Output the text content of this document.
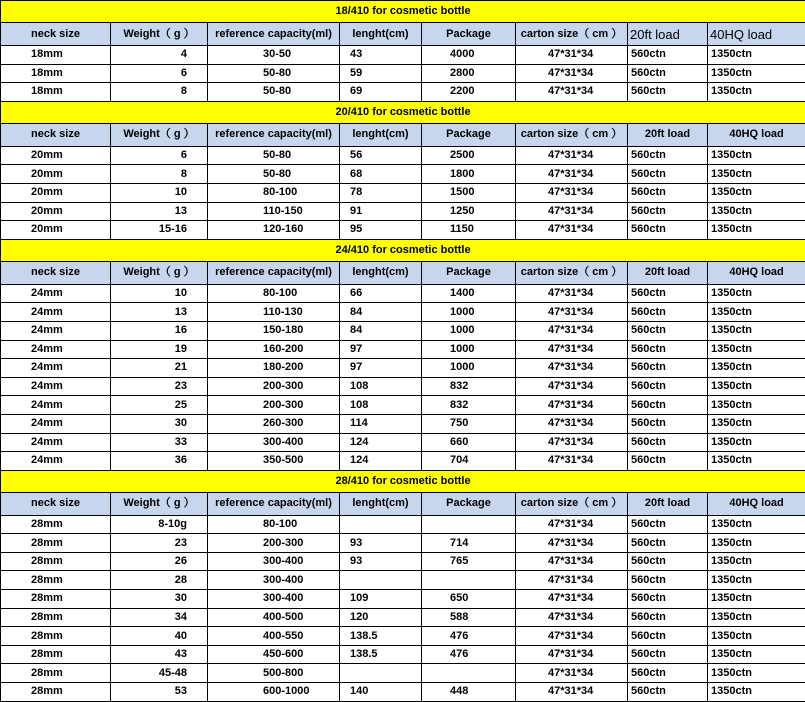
18/410 for cosmetic bottle							
neck size	Weight（ g ）	reference capacity(ml)	lenght(cm)	Package	carton size（ cm ）	20ft load	40HQ load
18mm	4	30-50	43	4000	47*31*34	560ctn	1350ctn
18mm	6	50-80	59	2800	47*31*34	560ctn	1350ctn
18mm	8	50-80	69	2200	47*31*34	560ctn	1350ctn
20/410 for cosmetic bottle							
neck size	Weight（ g ）	reference capacity(ml)	lenght(cm)	Package	carton size（ cm ）	20ft load	40HQ load
20mm	6	50-80	56	2500	47*31*34	560ctn	1350ctn
20mm	8	50-80	68	1800	47*31*34	560ctn	1350ctn
20mm	10	80-100	78	1500	47*31*34	560ctn	1350ctn
20mm	13	110-150	91	1250	47*31*34	560ctn	1350ctn
20mm	15-16	120-160	95	1150	47*31*34	560ctn	1350ctn
24/410 for cosmetic bottle							
neck size	Weight（ g ）	reference capacity(ml)	lenght(cm)	Package	carton size（ cm ）	20ft load	40HQ load
24mm	10	80-100	66	1400	47*31*34	560ctn	1350ctn
24mm	13	110-130	84	1000	47*31*34	560ctn	1350ctn
24mm	16	150-180	84	1000	47*31*34	560ctn	1350ctn
24mm	19	160-200	97	1000	47*31*34	560ctn	1350ctn
24mm	21	180-200	97	1000	47*31*34	560ctn	1350ctn
24mm	23	200-300	108	832	47*31*34	560ctn	1350ctn
24mm	25	200-300	108	832	47*31*34	560ctn	1350ctn
24mm	30	260-300	114	750	47*31*34	560ctn	1350ctn
24mm	33	300-400	124	660	47*31*34	560ctn	1350ctn
24mm	36	350-500	124	704	47*31*34	560ctn	1350ctn
28/410 for cosmetic bottle							
neck size	Weight（ g ）	reference capacity(ml)	lenght(cm)	Package	carton size（ cm ）	20ft load	40HQ load
28mm	8-10g	80-100			47*31*34	560ctn	1350ctn
28mm	23	200-300	93	714	47*31*34	560ctn	1350ctn
28mm	26	300-400	93	765	47*31*34	560ctn	1350ctn
28mm	28	300-400			47*31*34	560ctn	1350ctn
28mm	30	300-400	109	650	47*31*34	560ctn	1350ctn
28mm	34	400-500	120	588	47*31*34	560ctn	1350ctn
28mm	40	400-550	138.5	476	47*31*34	560ctn	1350ctn
28mm	43	450-600	138.5	476	47*31*34	560ctn	1350ctn
28mm	45-48	500-800			47*31*34	560ctn	1350ctn
28mm	53	600-1000	140	448	47*31*34	560ctn	1350ctn
